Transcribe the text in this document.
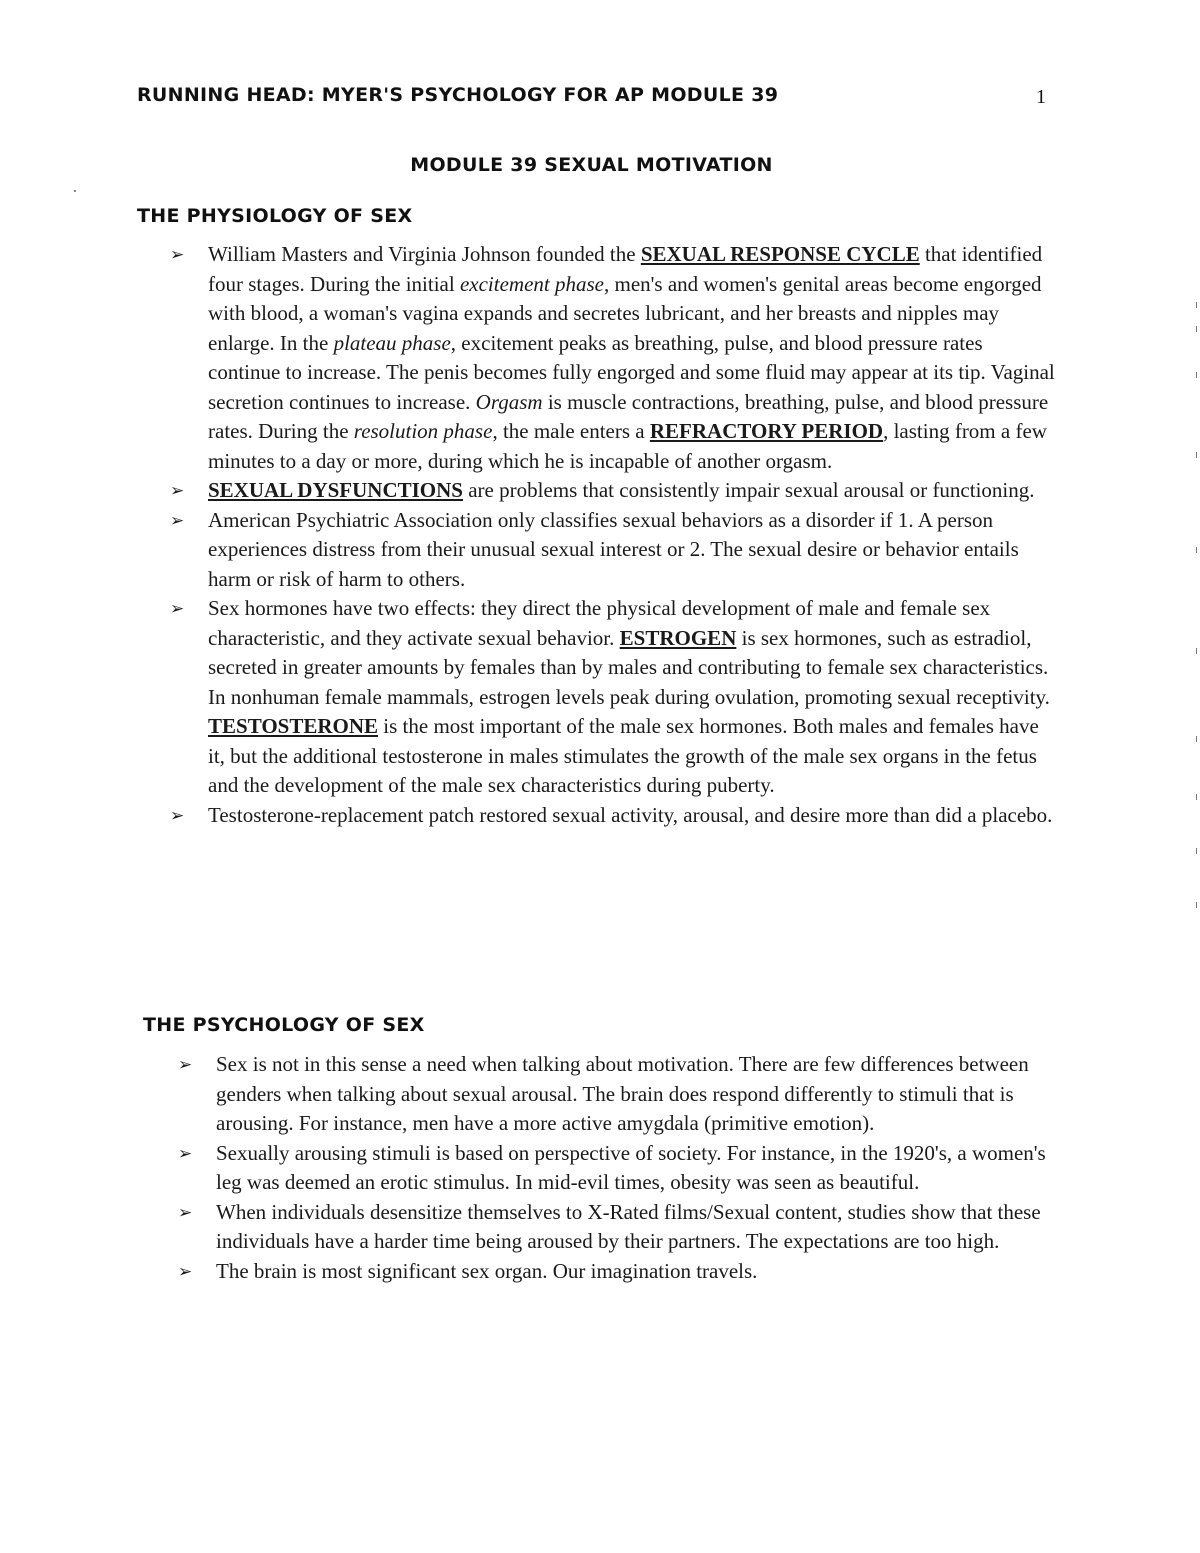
RUNNING HEAD: MYER'S PSYCHOLOGY FOR AP MODULE 39	1
MODULE 39 SEXUAL MOTIVATION
THE PHYSIOLOGY OF SEX
➢ William Masters and Virginia Johnson founded the SEXUAL RESPONSE CYCLE that identified four stages. During the initial excitement phase, men's and women's genital areas become engorged with blood, a woman's vagina expands and secretes lubricant, and her breasts and nipples may enlarge. In the plateau phase, excitement peaks as breathing, pulse, and blood pressure rates continue to increase. The penis becomes fully engorged and some fluid may appear at its tip. Vaginal secretion continues to increase. Orgasm is muscle contractions, breathing, pulse, and blood pressure rates. During the resolution phase, the male enters a REFRACTORY PERIOD, lasting from a few minutes to a day or more, during which he is incapable of another orgasm.
➢ SEXUAL DYSFUNCTIONS are problems that consistently impair sexual arousal or functioning.
➢ American Psychiatric Association only classifies sexual behaviors as a disorder if 1. A person experiences distress from their unusual sexual interest or 2. The sexual desire or behavior entails harm or risk of harm to others.
➢ Sex hormones have two effects: they direct the physical development of male and female sex characteristic, and they activate sexual behavior. ESTROGEN is sex hormones, such as estradiol, secreted in greater amounts by females than by males and contributing to female sex characteristics. In nonhuman female mammals, estrogen levels peak during ovulation, promoting sexual receptivity. TESTOSTERONE is the most important of the male sex hormones. Both males and females have it, but the additional testosterone in males stimulates the growth of the male sex organs in the fetus and the development of the male sex characteristics during puberty.
➢ Testosterone-replacement patch restored sexual activity, arousal, and desire more than did a placebo.
THE PSYCHOLOGY OF SEX
➢ Sex is not in this sense a need when talking about motivation. There are few differences between genders when talking about sexual arousal. The brain does respond differently to stimuli that is arousing. For instance, men have a more active amygdala (primitive emotion).
➢ Sexually arousing stimuli is based on perspective of society. For instance, in the 1920's, a women's leg was deemed an erotic stimulus. In mid-evil times, obesity was seen as beautiful.
➢ When individuals desensitize themselves to X-Rated films/Sexual content, studies show that these individuals have a harder time being aroused by their partners. The expectations are too high.
➢ The brain is most significant sex organ. Our imagination travels.
